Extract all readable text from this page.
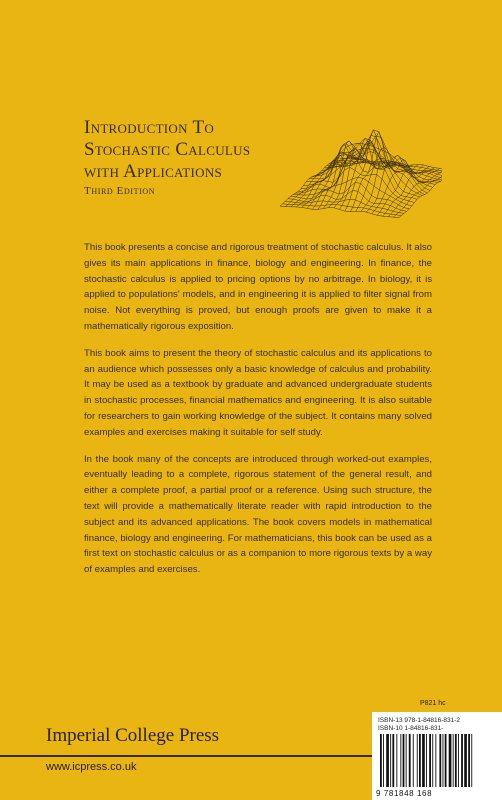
Introduction To
Stochastic Calculus
with Applications
Third Edition

This book presents a concise and rigorous treatment of stochastic calculus. It also gives its main applications in finance, biology and engineering. In finance, the stochastic calculus is applied to pricing options by no arbitrage. In biology, it is applied to populations' models, and in engineering it is applied to filter signal from noise. Not everything is proved, but enough proofs are given to make it a mathematically rigorous exposition.

This book aims to present the theory of stochastic calculus and its applications to an audience which possesses only a basic knowledge of calculus and probability. It may be used as a textbook by graduate and advanced undergraduate students in stochastic processes, financial mathematics and engineering. It is also suitable for researchers to gain working knowledge of the subject. It contains many solved examples and exercises making it suitable for self study.

In the book many of the concepts are introduced through worked-out examples, eventually leading to a complete, rigorous statement of the general result, and either a complete proof, a partial proof or a reference. Using such structure, the text will provide a mathematically literate reader with rapid introduction to the subject and its advanced applications. The book covers models in mathematical finance, biology and engineering. For mathematicians, this book can be used as a first text on stochastic calculus or as a companion to more rigorous texts by a way of examples and exercises.

P821 hc
ISBN-13 978-1-84816-831-2
ISBN-10 1-84816-831-
9 781848 168
Imperial College Press
www.icpress.co.uk
